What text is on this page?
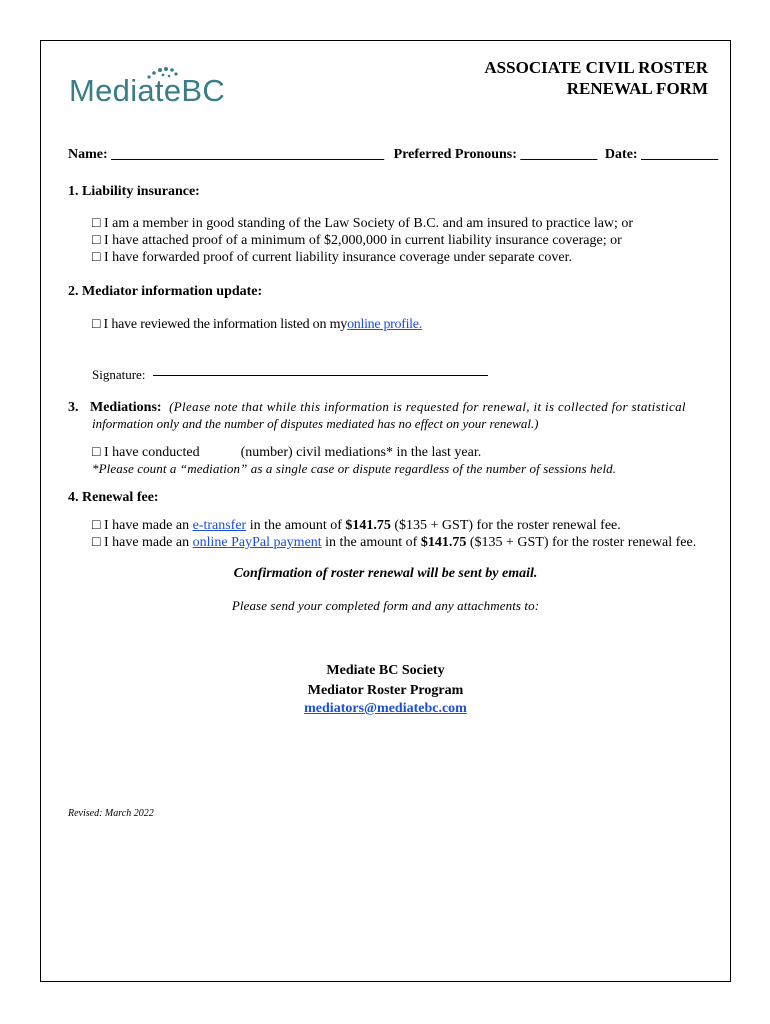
MediateBC
ASSOCIATE CIVIL ROSTER
RENEWAL FORM
Name: _______________________________________ Preferred Pronouns: ___________ Date: ___________
1. Liability insurance:
□ I am a member in good standing of the Law Society of B.C. and am insured to practice law; or
□ I have attached proof of a minimum of $2,000,000 in current liability insurance coverage; or
□ I have forwarded proof of current liability insurance coverage under separate cover.
2. Mediator information update:
□ I have reviewed the information listed on myonline profile.
Signature:
3. Mediations: (Please note that while this information is requested for renewal, it is collected for statistical
information only and the number of disputes mediated has no effect on your renewal.)
□ I have conducted	(number) civil mediations* in the last year.
*Please count a “mediation” as a single case or dispute regardless of the number of sessions held.
4. Renewal fee:
□ I have made an e-transfer in the amount of $141.75 ($135 + GST) for the roster renewal fee.
□ I have made an online PayPal payment in the amount of $141.75 ($135 + GST) for the roster renewal fee.
Confirmation of roster renewal will be sent by email.
Please send your completed form and any attachments to:
Mediate BC Society
Mediator Roster Program
mediators@mediatebc.com
Revised: March 2022
